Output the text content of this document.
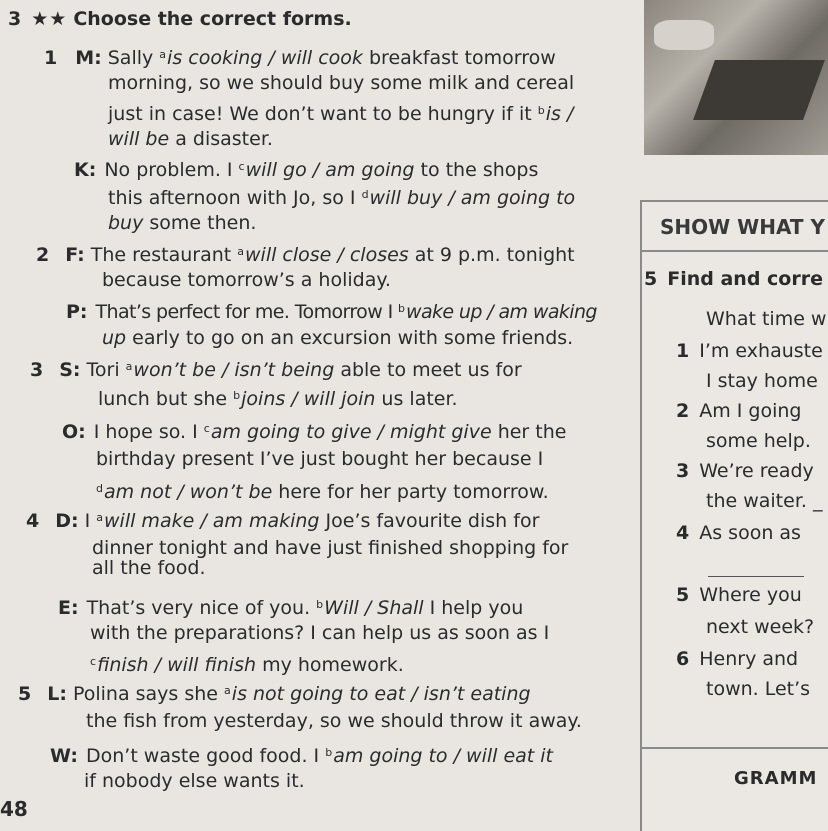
3 ★★ Choose the correct forms.
1 M: Sally $^a$is cooking / will cook breakfast tomorrow
morning, so we should buy some milk and cereal
just in case! We don’t want to be hungry if it $^b$is /
will be a disaster.
K: No problem. I $^c$will go / am going to the shops
this afternoon with Jo, so I $^d$will buy / am going to
buy some then.
2 F: The restaurant $^a$will close / closes at 9 p.m. tonight
because tomorrow’s a holiday.
P: That’s perfect for me. Tomorrow I $^b$wake up / am waking
up early to go on an excursion with some friends.
3 S: Tori $^a$won’t be / isn’t being able to meet us for
lunch but she $^b$joins / will join us later.
O: I hope so. I $^c$am going to give / might give her the
birthday present I’ve just bought her because I
$^d$am not / won’t be here for her party tomorrow.
4 D: I $^a$will make / am making Joe’s favourite dish for
dinner tonight and have just finished shopping for
all the food.
E: That’s very nice of you. $^b$Will / Shall I help you
with the preparations? I can help us as soon as I
$^c$finish / will finish my homework.
5 L: Polina says she $^a$is not going to eat / isn’t eating
the fish from yesterday, so we should throw it away.
W: Don’t waste good food. I $^b$am going to / will eat it
if nobody else wants it.
48
SHOW WHAT Y
5 Find and corre
What time w
1 I’m exhauste
I stay home
2 Am I going
some help.
3 We’re ready
the waiter. _
4 As soon as
5 Where you
next week?
6 Henry and
town. Let’s
GRAMM
